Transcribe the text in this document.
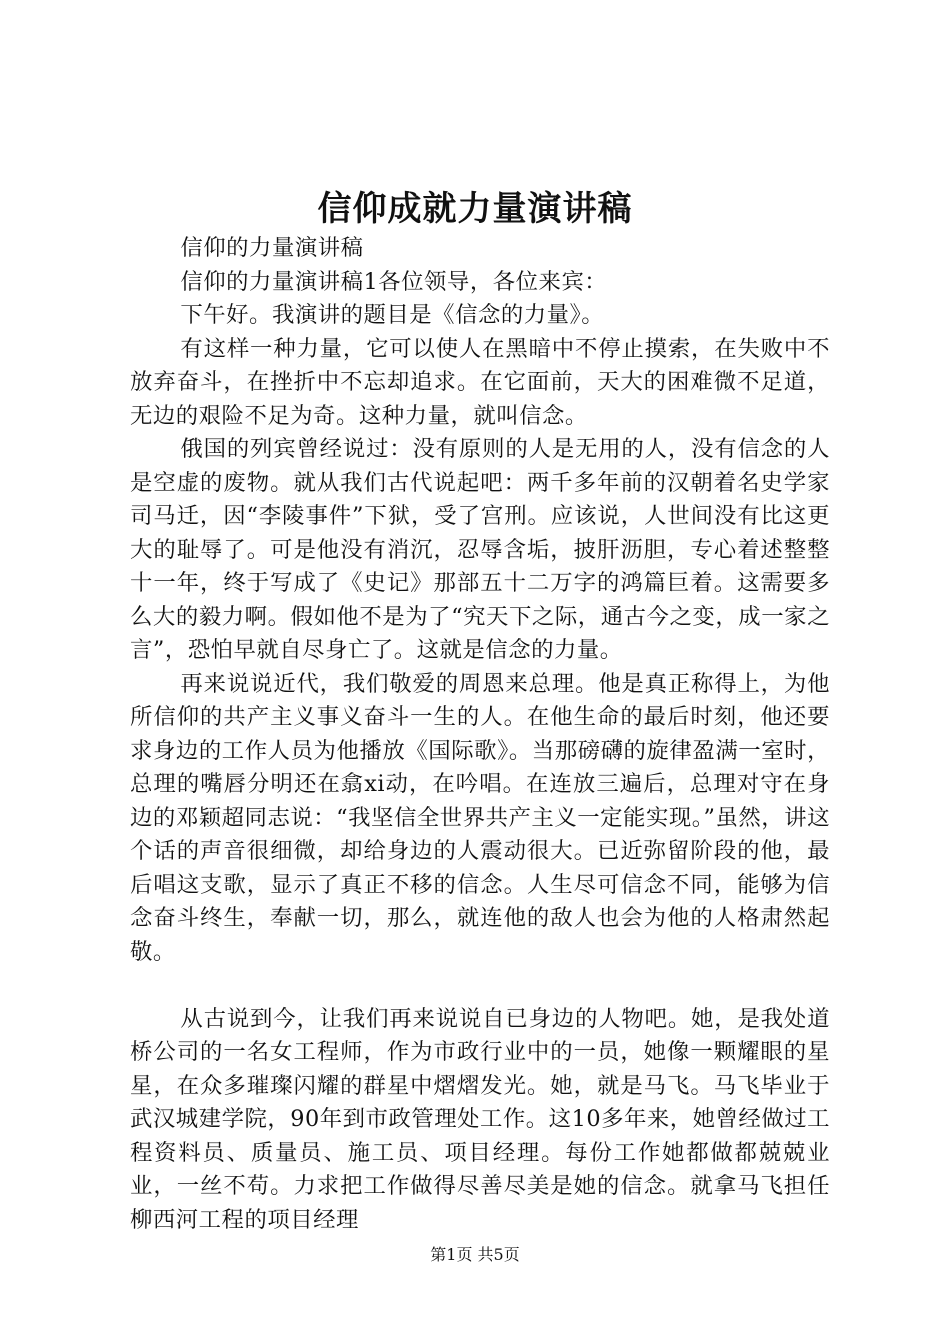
信仰成就力量演讲稿

信仰的力量演讲稿

信仰的力量演讲稿1各位领导，各位来宾：

下午好。我演讲的题目是《信念的力量》。

有这样一种力量，它可以使人在黑暗中不停止摸索，在失败中不放弃奋斗，在挫折中不忘却追求。在它面前，天大的困难微不足道，无边的艰险不足为奇。这种力量，就叫信念。

俄国的列宾曾经说过：没有原则的人是无用的人，没有信念的人是空虚的废物。就从我们古代说起吧：两千多年前的汉朝着名史学家司马迁，因“李陵事件”下狱，受了宫刑。应该说，人世间没有比这更大的耻辱了。可是他没有消沉，忍辱含垢，披肝沥胆，专心着述整整十一年，终于写成了《史记》那部五十二万字的鸿篇巨着。这需要多么大的毅力啊。假如他不是为了“究天下之际，通古今之变，成一家之言”，恐怕早就自尽身亡了。这就是信念的力量。

再来说说近代，我们敬爱的周恩来总理。他是真正称得上，为他所信仰的共产主义事义奋斗一生的人。在他生命的最后时刻，他还要求身边的工作人员为他播放《国际歌》。当那磅礴的旋律盈满一室时，总理的嘴唇分明还在翕xi动，在吟唱。在连放三遍后，总理对守在身边的邓颖超同志说：“我坚信全世界共产主义一定能实现。”虽然，讲这个话的声音很细微，却给身边的人震动很大。已近弥留阶段的他，最后唱这支歌，显示了真正不移的信念。人生尽可信念不同，能够为信念奋斗终生，奉献一切，那么，就连他的敌人也会为他的人格肃然起敬。

从古说到今，让我们再来说说自已身边的人物吧。她，是我处道桥公司的一名女工程师，作为市政行业中的一员，她像一颗耀眼的星星，在众多璀璨闪耀的群星中熠熠发光。她，就是马飞。马飞毕业于武汉城建学院，90年到市政管理处工作。这10多年来，她曾经做过工程资料员、质量员、施工员、项目经理。每份工作她都做都兢兢业业，一丝不苟。力求把工作做得尽善尽美是她的信念。就拿马飞担任柳西河工程的项目经理

第1页 共5页
